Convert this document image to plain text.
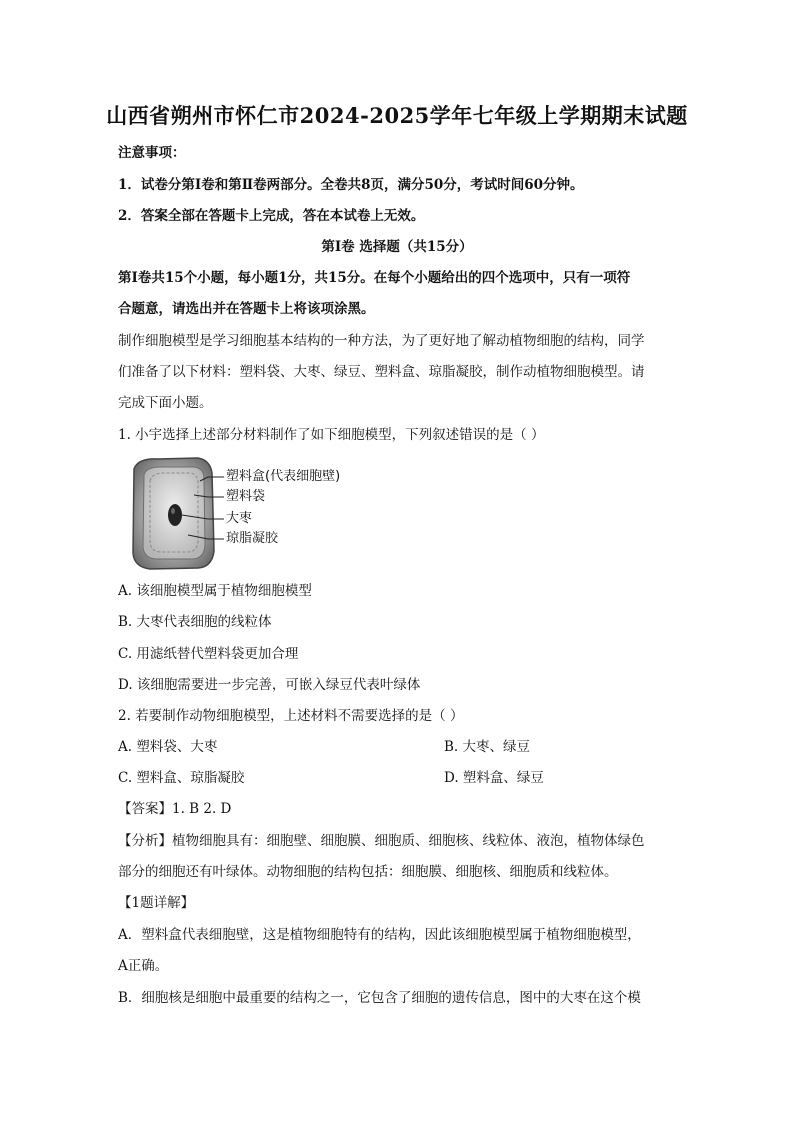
山西省朔州市怀仁市2024-2025学年七年级上学期期末试题
注意事项：
1．试卷分第Ⅰ卷和第Ⅱ卷两部分。全卷共8页，满分50分，考试时间60分钟。
2．答案全部在答题卡上完成，答在本试卷上无效。
第Ⅰ卷 选择题（共15分）
第Ⅰ卷共15个小题，每小题1分，共15分。在每个小题给出的四个选项中，只有一项符
合题意，请选出并在答题卡上将该项涂黑。
制作细胞模型是学习细胞基本结构的一种方法，为了更好地了解动植物细胞的结构，同学
们准备了以下材料：塑料袋、大枣、绿豆、塑料盒、琼脂凝胶，制作动植物细胞模型。请
完成下面小题。
1. 小宇选择上述部分材料制作了如下细胞模型，下列叙述错误的是（ ）
塑料盒(代表细胞壁)
塑料袋
大枣
琼脂凝胶
A. 该细胞模型属于植物细胞模型
B. 大枣代表细胞的线粒体
C. 用滤纸替代塑料袋更加合理
D. 该细胞需要进一步完善，可嵌入绿豆代表叶绿体
2. 若要制作动物细胞模型，上述材料不需要选择的是（ ）
A. 塑料袋、大枣	B. 大枣、绿豆
C. 塑料盒、琼脂凝胶	D. 塑料盒、绿豆
【答案】1. B 2. D
【分析】植物细胞具有：细胞壁、细胞膜、细胞质、细胞核、线粒体、液泡，植物体绿色
部分的细胞还有叶绿体。动物细胞的结构包括：细胞膜、细胞核、细胞质和线粒体。
【1题详解】
A．塑料盒代表细胞壁，这是植物细胞特有的结构，因此该细胞模型属于植物细胞模型，
A正确。
B．细胞核是细胞中最重要的结构之一，它包含了细胞的遗传信息，图中的大枣在这个模
